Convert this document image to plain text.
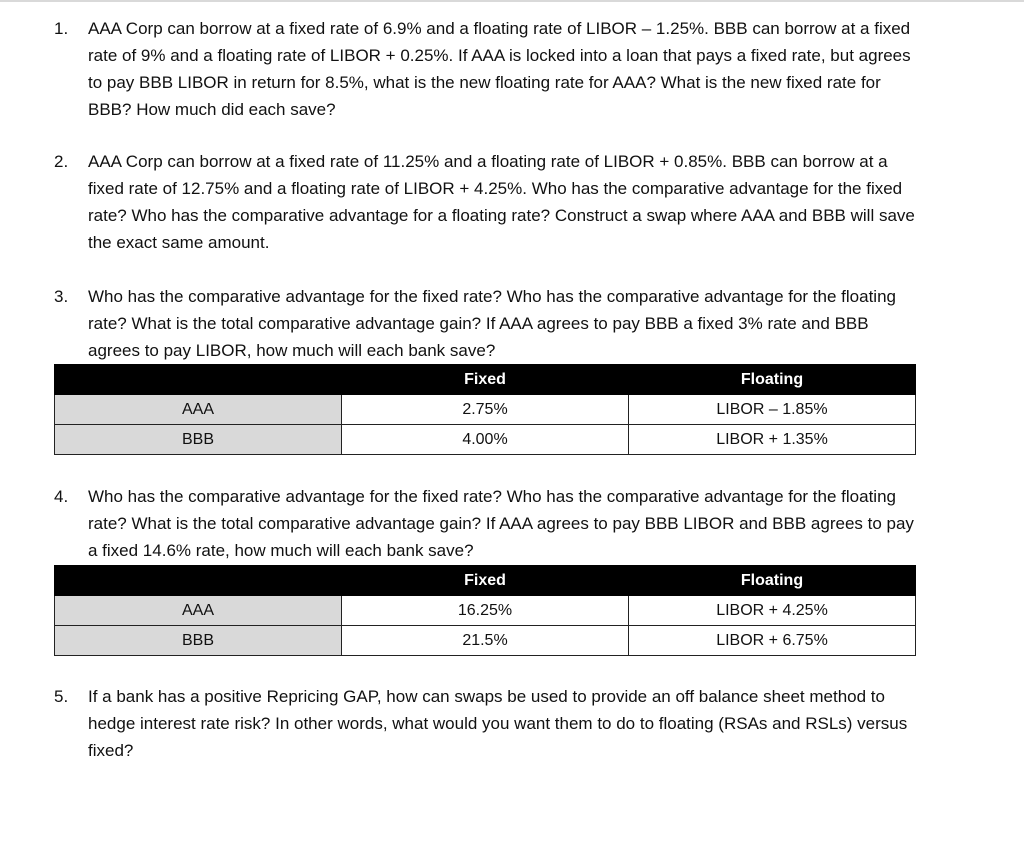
1. AAA Corp can borrow at a fixed rate of 6.9% and a floating rate of LIBOR – 1.25%. BBB can borrow at a fixed rate of 9% and a floating rate of LIBOR + 0.25%. If AAA is locked into a loan that pays a fixed rate, but agrees to pay BBB LIBOR in return for 8.5%, what is the new floating rate for AAA? What is the new fixed rate for BBB? How much did each save?
2. AAA Corp can borrow at a fixed rate of 11.25% and a floating rate of LIBOR + 0.85%. BBB can borrow at a fixed rate of 12.75% and a floating rate of LIBOR + 4.25%. Who has the comparative advantage for the fixed rate? Who has the comparative advantage for a floating rate? Construct a swap where AAA and BBB will save the exact same amount.
3. Who has the comparative advantage for the fixed rate? Who has the comparative advantage for the floating rate? What is the total comparative advantage gain? If AAA agrees to pay BBB a fixed 3% rate and BBB agrees to pay LIBOR, how much will each bank save?
	Fixed	Floating
AAA	2.75%	LIBOR – 1.85%
BBB	4.00%	LIBOR + 1.35%
4. Who has the comparative advantage for the fixed rate? Who has the comparative advantage for the floating rate? What is the total comparative advantage gain? If AAA agrees to pay BBB LIBOR and BBB agrees to pay a fixed 14.6% rate, how much will each bank save?
	Fixed	Floating
AAA	16.25%	LIBOR + 4.25%
BBB	21.5%	LIBOR + 6.75%
5. If a bank has a positive Repricing GAP, how can swaps be used to provide an off balance sheet method to hedge interest rate risk? In other words, what would you want them to do to floating (RSAs and RSLs) versus fixed?
